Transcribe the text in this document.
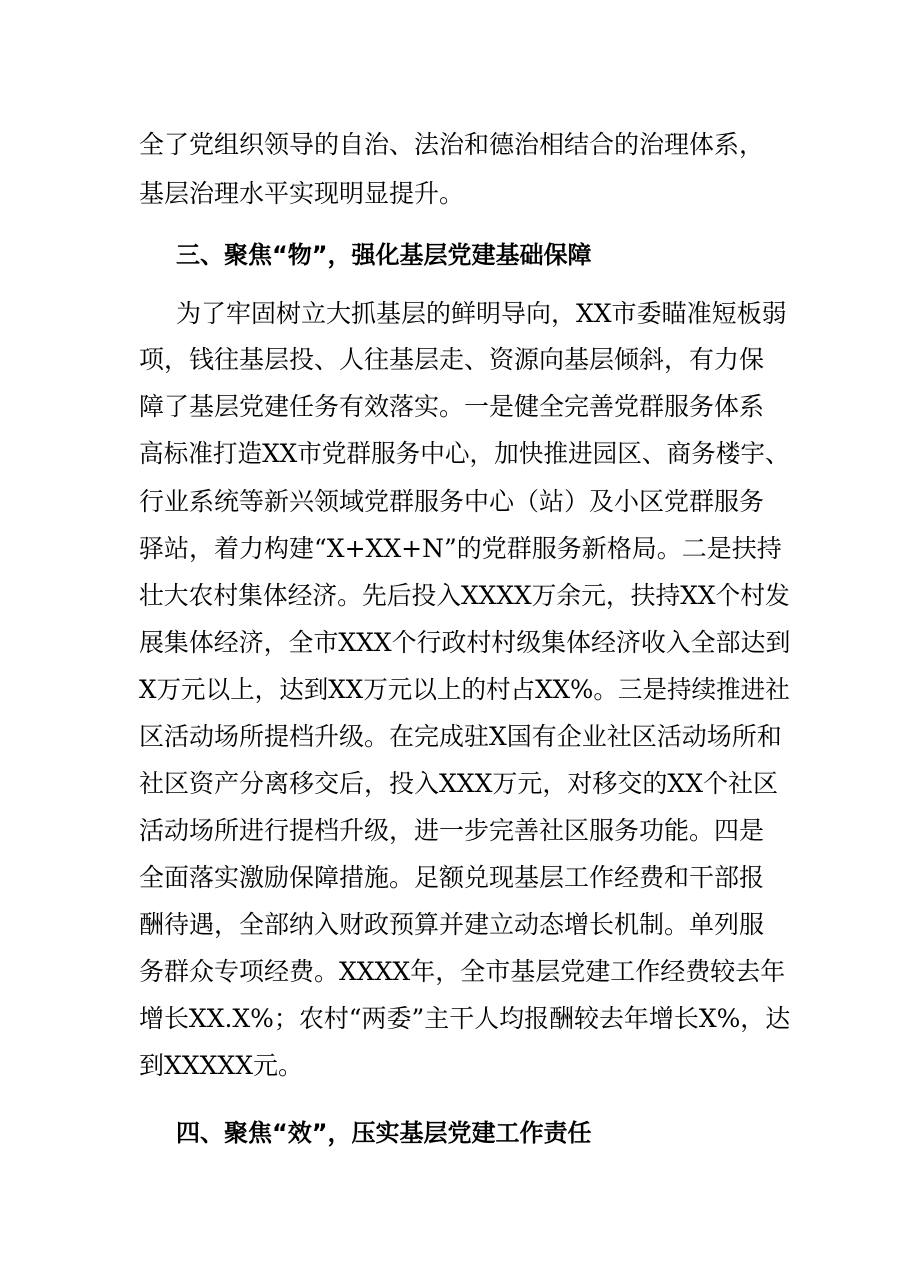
全了党组织领导的自治、法治和德治相结合的治理体系，
基层治理水平实现明显提升。
三、聚焦“物”，强化基层党建基础保障
为了牢固树立大抓基层的鲜明导向，XX市委瞄准短板弱
项，钱往基层投、人往基层走、资源向基层倾斜，有力保
障了基层党建任务有效落实。一是健全完善党群服务体系
高标准打造XX市党群服务中心，加快推进园区、商务楼宇、
行业系统等新兴领域党群服务中心（站）及小区党群服务
驿站，着力构建“X+XX+N”的党群服务新格局。二是扶持
壮大农村集体经济。先后投入XXXX万余元，扶持XX个村发
展集体经济，全市XXX个行政村村级集体经济收入全部达到
X万元以上，达到XX万元以上的村占XX%。三是持续推进社
区活动场所提档升级。在完成驻X国有企业社区活动场所和
社区资产分离移交后，投入XXX万元，对移交的XX个社区
活动场所进行提档升级，进一步完善社区服务功能。四是
全面落实激励保障措施。足额兑现基层工作经费和干部报
酬待遇，全部纳入财政预算并建立动态增长机制。单列服
务群众专项经费。XXXX年，全市基层党建工作经费较去年
增长XX.X%；农村“两委”主干人均报酬较去年增长X%，达
到XXXXX元。
四、聚焦“效”，压实基层党建工作责任
